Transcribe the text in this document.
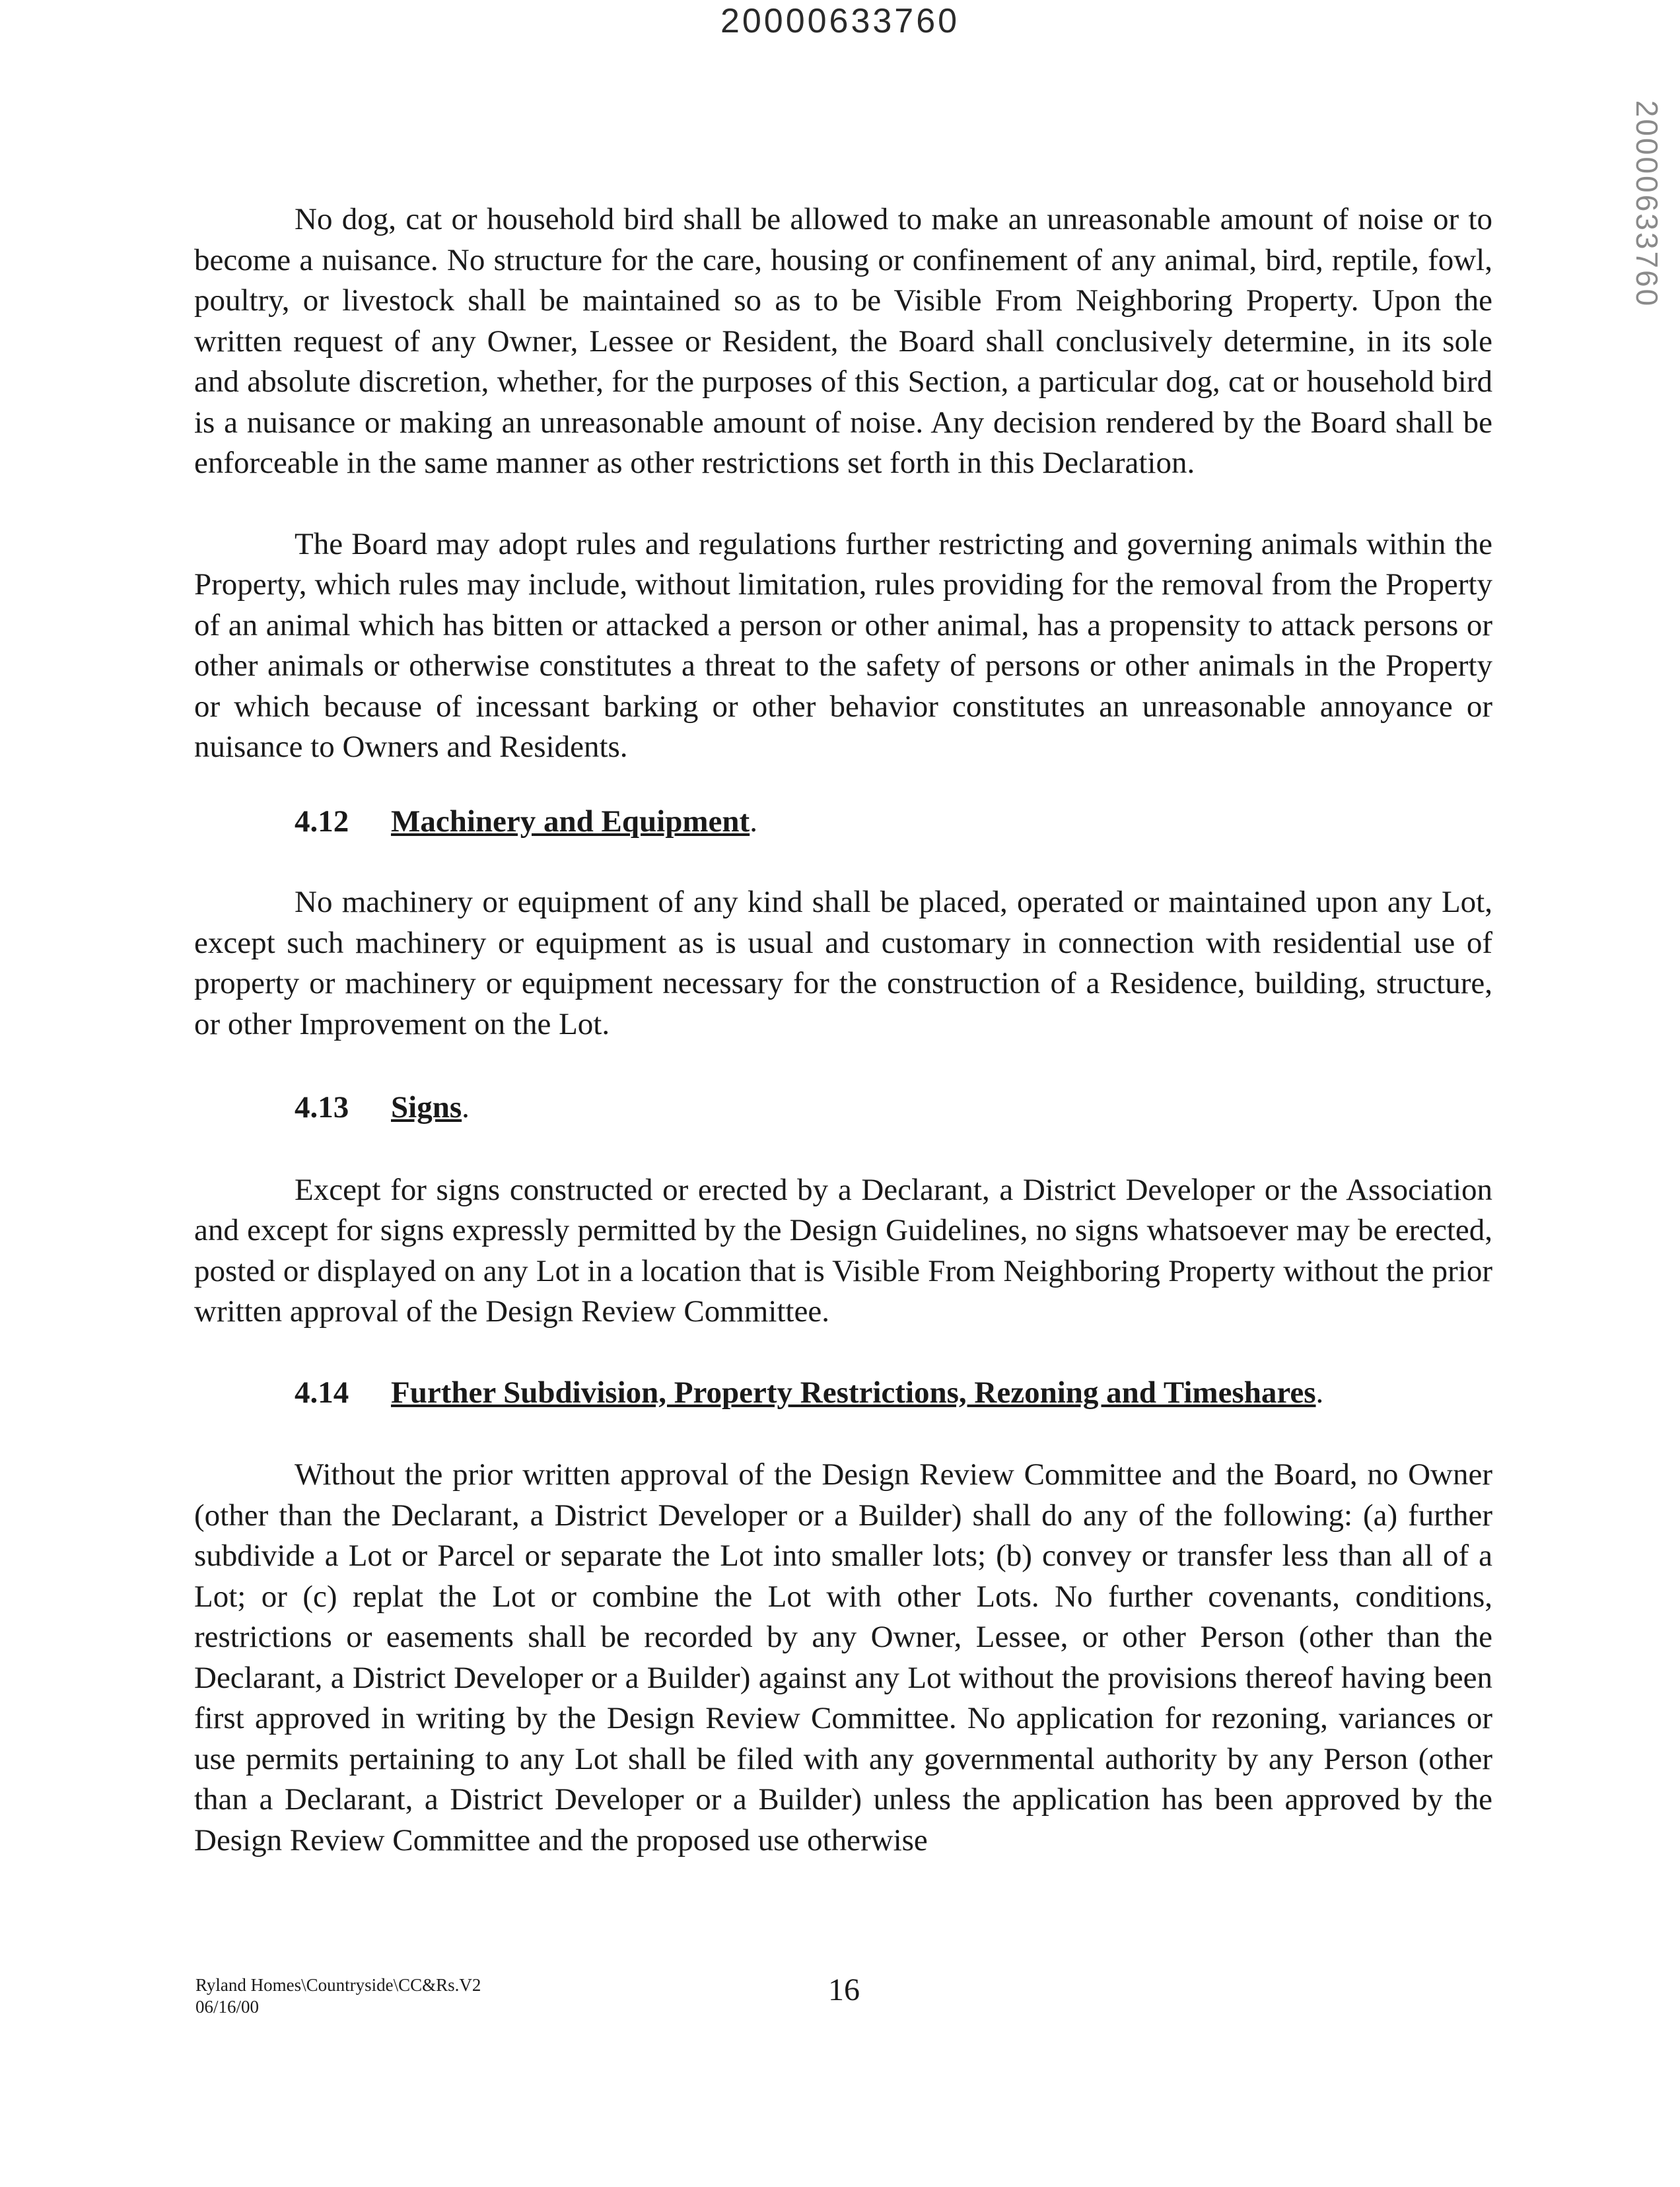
20000633760
20000633760

No dog, cat or household bird shall be allowed to make an unreasonable amount of noise or to become a nuisance. No structure for the care, housing or confinement of any animal, bird, reptile, fowl, poultry, or livestock shall be maintained so as to be Visible From Neighboring Property. Upon the written request of any Owner, Lessee or Resident, the Board shall conclusively determine, in its sole and absolute discretion, whether, for the purposes of this Section, a particular dog, cat or household bird is a nuisance or making an unreasonable amount of noise. Any decision rendered by the Board shall be enforceable in the same manner as other restrictions set forth in this Declaration.

The Board may adopt rules and regulations further restricting and governing animals within the Property, which rules may include, without limitation, rules providing for the removal from the Property of an animal which has bitten or attacked a person or other animal, has a propensity to attack persons or other animals or otherwise constitutes a threat to the safety of persons or other animals in the Property or which because of incessant barking or other behavior constitutes an unreasonable annoyance or nuisance to Owners and Residents.

4.12 Machinery and Equipment.

No machinery or equipment of any kind shall be placed, operated or maintained upon any Lot, except such machinery or equipment as is usual and customary in connection with residential use of property or machinery or equipment necessary for the construction of a Residence, building, structure, or other Improvement on the Lot.

4.13 Signs.

Except for signs constructed or erected by a Declarant, a District Developer or the Association and except for signs expressly permitted by the Design Guidelines, no signs whatsoever may be erected, posted or displayed on any Lot in a location that is Visible From Neighboring Property without the prior written approval of the Design Review Committee.

4.14 Further Subdivision, Property Restrictions, Rezoning and Timeshares.

Without the prior written approval of the Design Review Committee and the Board, no Owner (other than the Declarant, a District Developer or a Builder) shall do any of the following: (a) further subdivide a Lot or Parcel or separate the Lot into smaller lots; (b) convey or transfer less than all of a Lot; or (c) replat the Lot or combine the Lot with other Lots. No further covenants, conditions, restrictions or easements shall be recorded by any Owner, Lessee, or other Person (other than the Declarant, a District Developer or a Builder) against any Lot without the provisions thereof having been first approved in writing by the Design Review Committee. No application for rezoning, variances or use permits pertaining to any Lot shall be filed with any governmental authority by any Person (other than a Declarant, a District Developer or a Builder) unless the application has been approved by the Design Review Committee and the proposed use otherwise

Ryland Homes\Countryside\CC&Rs.V2
06/16/00	16
